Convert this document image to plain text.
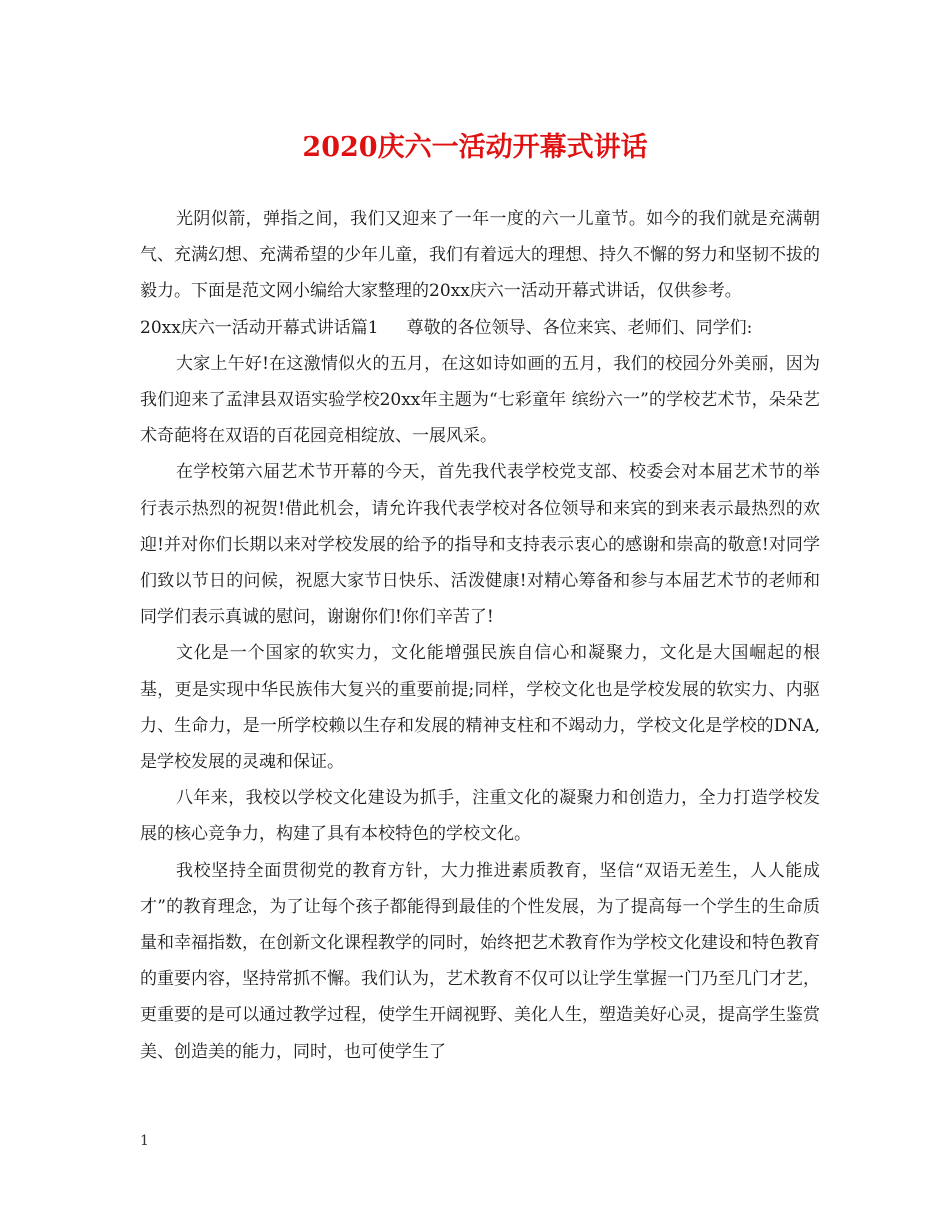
2020庆六一活动开幕式讲话

光阴似箭，弹指之间，我们又迎来了一年一度的六一儿童节。如今的我们就是充满朝气、充满幻想、充满希望的少年儿童，我们有着远大的理想、持久不懈的努力和坚韧不拔的毅力。下面是范文网小编给大家整理的20xx庆六一活动开幕式讲话，仅供参考。

20xx庆六一活动开幕式讲话篇1 尊敬的各位领导、各位来宾、老师们、同学们:

大家上午好!在这激情似火的五月，在这如诗如画的五月，我们的校园分外美丽，因为我们迎来了孟津县双语实验学校20xx年主题为“七彩童年 缤纷六一”的学校艺术节，朵朵艺术奇葩将在双语的百花园竞相绽放、一展风采。

在学校第六届艺术节开幕的今天，首先我代表学校党支部、校委会对本届艺术节的举行表示热烈的祝贺!借此机会，请允许我代表学校对各位领导和来宾的到来表示最热烈的欢迎!并对你们长期以来对学校发展的给予的指导和支持表示衷心的感谢和崇高的敬意!对同学们致以节日的问候，祝愿大家节日快乐、活泼健康!对精心筹备和参与本届艺术节的老师和同学们表示真诚的慰问，谢谢你们!你们辛苦了!

文化是一个国家的软实力，文化能增强民族自信心和凝聚力，文化是大国崛起的根基，更是实现中华民族伟大复兴的重要前提;同样，学校文化也是学校发展的软实力、内驱力、生命力，是一所学校赖以生存和发展的精神支柱和不竭动力，学校文化是学校的DNA,是学校发展的灵魂和保证。

八年来，我校以学校文化建设为抓手，注重文化的凝聚力和创造力，全力打造学校发展的核心竞争力，构建了具有本校特色的学校文化。

我校坚持全面贯彻党的教育方针，大力推进素质教育，坚信“双语无差生，人人能成才”的教育理念，为了让每个孩子都能得到最佳的个性发展，为了提高每一个学生的生命质量和幸福指数，在创新文化课程教学的同时，始终把艺术教育作为学校文化建设和特色教育的重要内容，坚持常抓不懈。我们认为，艺术教育不仅可以让学生掌握一门乃至几门才艺，更重要的是可以通过教学过程，使学生开阔视野、美化人生，塑造美好心灵，提高学生鉴赏美、创造美的能力，同时，也可使学生了

1
